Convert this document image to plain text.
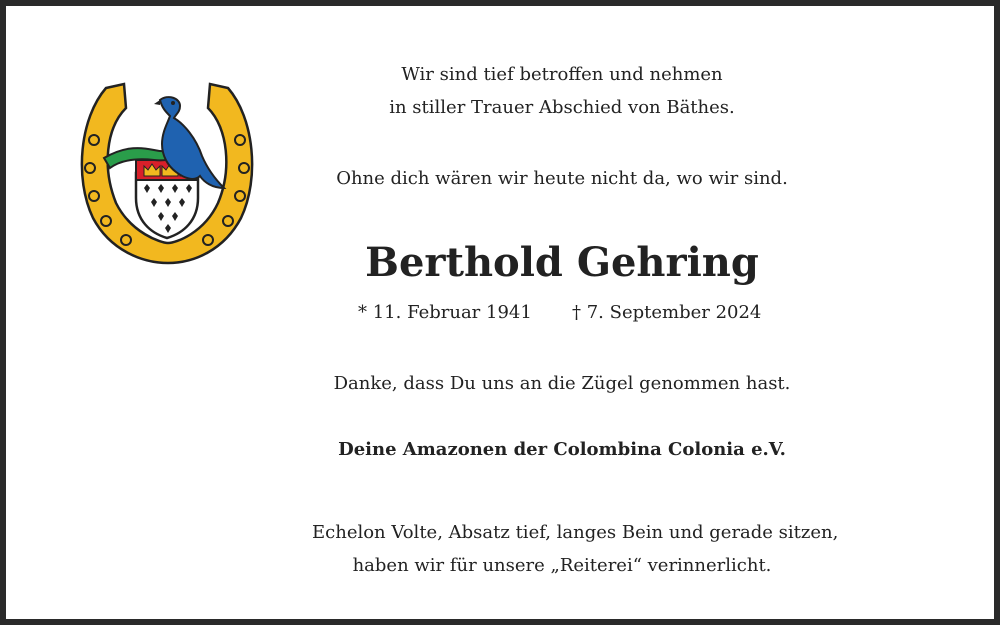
Wir sind tief betroffen und nehmen
in stiller Trauer Abschied von Bäthes.
Ohne dich wären wir heute nicht da, wo wir sind.
Berthold Gehring
* 11. Februar 1941 † 7. September 2024
Danke, dass Du uns an die Zügel genommen hast.
Deine Amazonen der Colombina Colonia e.V.
Echelon Volte, Absatz tief, langes Bein und gerade sitzen,
haben wir für unsere „Reiterei“ verinnerlicht.
